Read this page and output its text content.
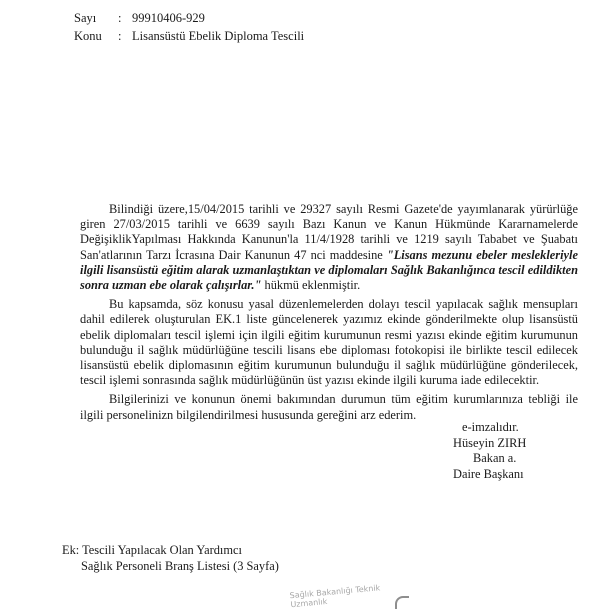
Sayı : 99910406-929
Konu : Lisansüstü Ebelik Diploma Tescili

Bilindiği üzere,15/04/2015 tarihli ve 29327 sayılı Resmi Gazete'de yayımlanarak yürürlüğe giren 27/03/2015 tarihli ve 6639 sayılı Bazı Kanun ve Kanun Hükmünde Kararnamelerde DeğişiklikYapılması Hakkında Kanunun'la 11/4/1928 tarihli ve 1219 sayılı Tababet ve Şuabatı San'atlarının Tarzı İcrasına Dair Kanunun 47 nci maddesine "Lisans mezunu ebeler meslekleriyle ilgili lisansüstü eğitim alarak uzmanlaştıktan ve diplomaları Sağlık Bakanlığınca tescil edildikten sonra uzman ebe olarak çalışırlar." hükmü eklenmiştir.

Bu kapsamda, söz konusu yasal düzenlemelerden dolayı tescil yapılacak sağlık mensupları dahil edilerek oluşturulan EK.1 liste güncelenerek yazımız ekinde gönderilmekte olup lisansüstü ebelik diplomaları tescil işlemi için ilgili eğitim kurumunun resmi yazısı ekinde eğitim kurumunun bulunduğu il sağlık müdürlüğüne tescili lisans ebe diploması fotokopisi ile birlikte tescil edilecek lisansüstü ebelik diplomasının eğitim kurumunun bulunduğu il sağlık müdürlüğüne gönderilecek, tescil işlemi sonrasında sağlık müdürlüğünün üst yazısı ekinde ilgili kuruma iade edilecektir.

Bilgilerinizi ve konunun önemi bakımından durumun tüm eğitim kurumlarınıza tebliği ile ilgili personelinizn bilgilendirilmesi hususunda gereğini arz ederim.

e-imzalıdır.
Hüseyin ZIRH
Bakan a.
Daire Başkanı
Ek: Tescili Yapılacak Olan Yardımcı
Sağlık Personeli Branş Listesi (3 Sayfa)
Sağlık Bakanlığı Teknik Uzmanlık
